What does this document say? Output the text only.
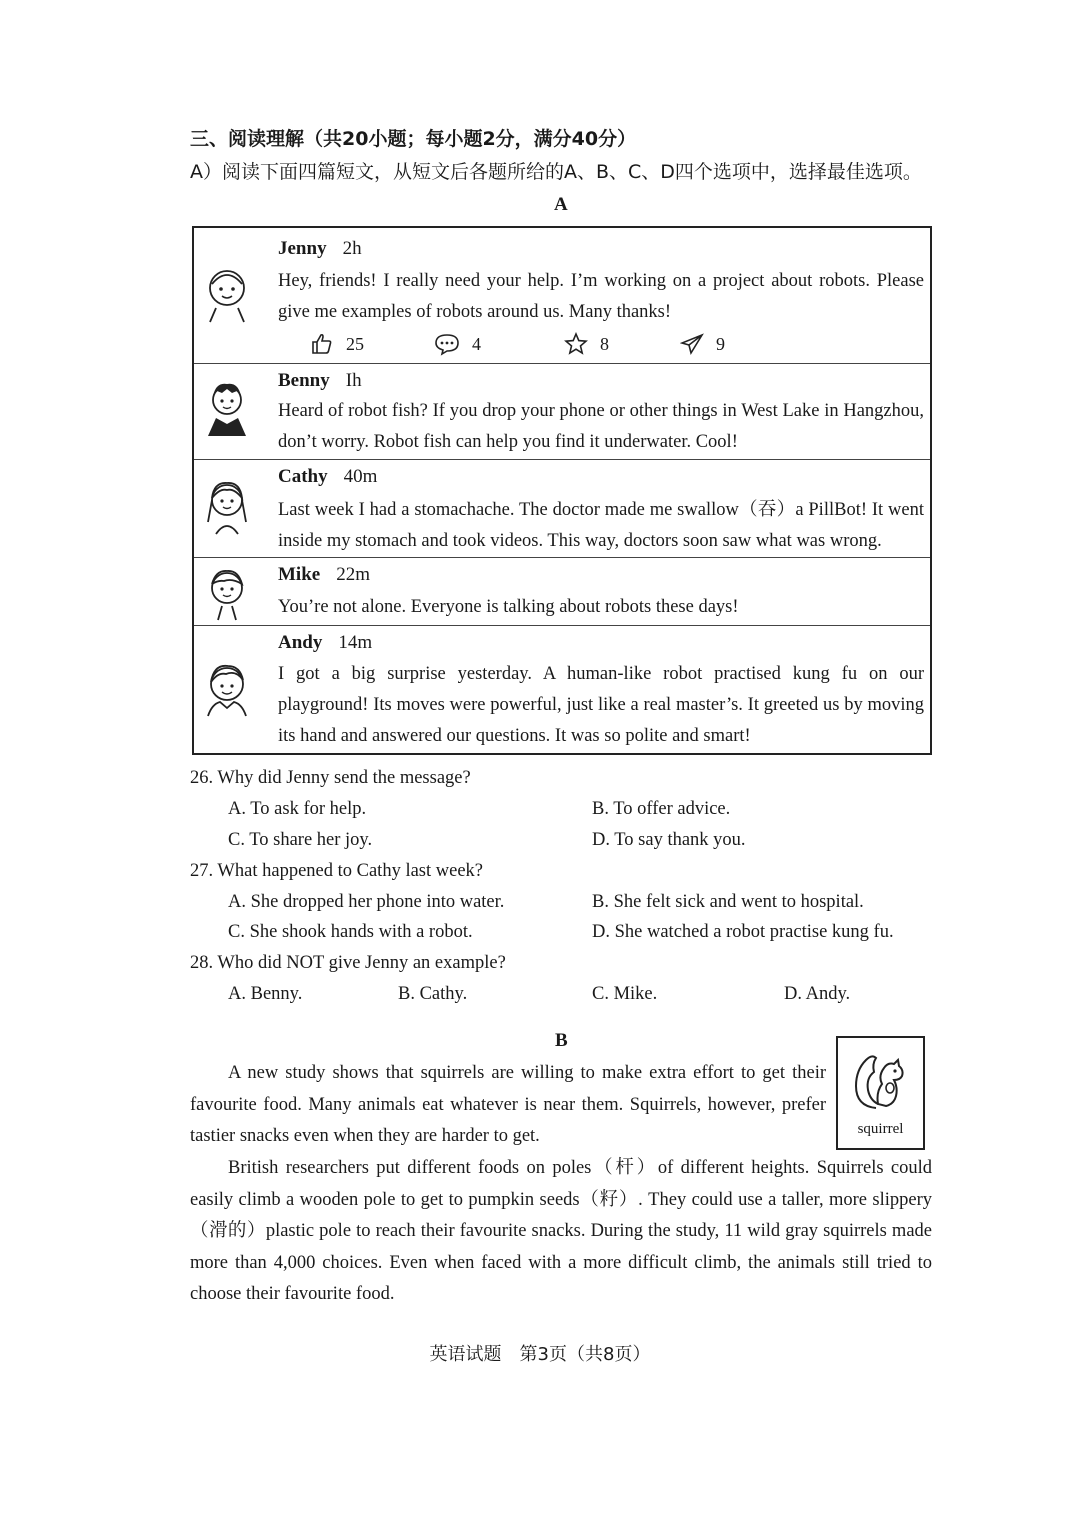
三、阅读理解（共20小题；每小题2分，满分40分）
A）阅读下面四篇短文，从短文后各题所给的A、B、C、D四个选项中，选择最佳选项。
A
Jenny 2h
Hey, friends! I really need your help. I’m working on a project about robots. Please give me examples of robots around us. Many thanks!
25	4	8	9
Benny Ih
Heard of robot fish? If you drop your phone or other things in West Lake in Hangzhou, don’t worry. Robot fish can help you find it underwater. Cool!
Cathy 40m
Last week I had a stomachache. The doctor made me swallow（吞）a PillBot! It went inside my stomach and took videos. This way, doctors soon saw what was wrong.
Mike 22m
You’re not alone. Everyone is talking about robots these days!
Andy 14m
I got a big surprise yesterday. A human-like robot practised kung fu on our playground! Its moves were powerful, just like a real master’s. It greeted us by moving its hand and answered our questions. It was so polite and smart!
26. Why did Jenny send the message?
A. To ask for help.	B. To offer advice.
C. To share her joy.	D. To say thank you.
27. What happened to Cathy last week?
A. She dropped her phone into water.	B. She felt sick and went to hospital.
C. She shook hands with a robot.	D. She watched a robot practise kung fu.
28. Who did NOT give Jenny an example?
A. Benny.	B. Cathy.	C. Mike.	D. Andy.
B
A new study shows that squirrels are willing to make extra effort to get their favourite food. Many animals eat whatever is near them. Squirrels, however, prefer tastier snacks even when they are harder to get.	squirrel
British researchers put different foods on poles（杆）of different heights. Squirrels could easily climb a wooden pole to get to pumpkin seeds（籽）. They could use a taller, more slippery（滑的）plastic pole to reach their favourite snacks. During the study, 11 wild gray squirrels made more than 4,000 choices. Even when faced with a more difficult climb, the animals still tried to choose their favourite food.
英语试题　第3页（共8页）
